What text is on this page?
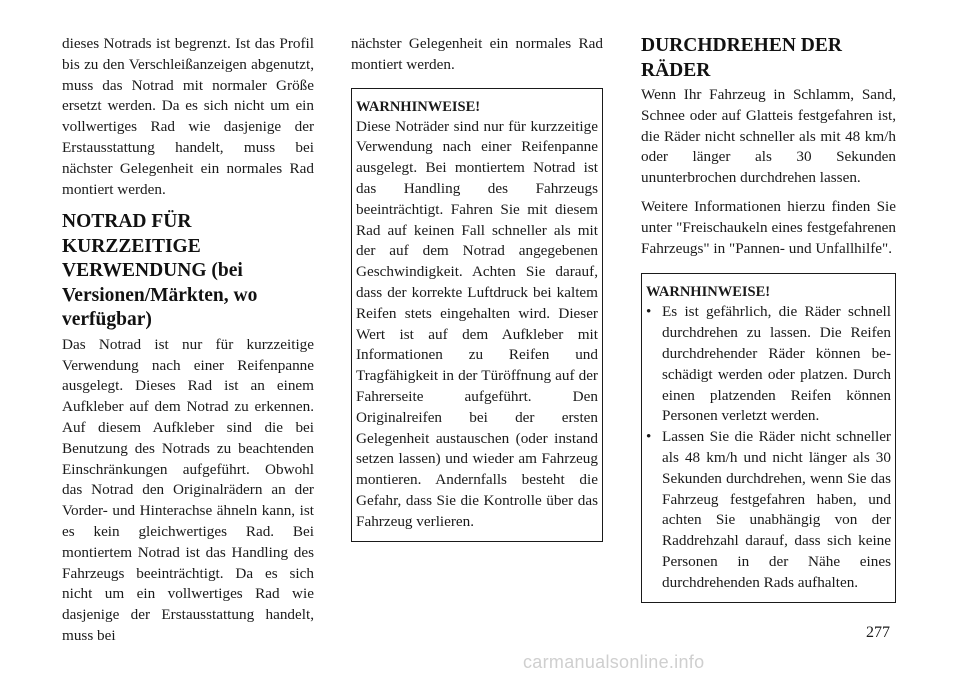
dieses Notrads ist begrenzt. Ist das Profil bis zu den Verschleißanzeigen abgenutzt, muss das Notrad mit normaler Größe ersetzt werden. Da es sich nicht um ein vollwertiges Rad wie dasjenige der Erstausstattung handelt, muss bei nächster Gelegenheit ein normales Rad montiert werden.

NOTRAD FÜR KURZZEITIGE VERWENDUNG (bei Versionen/Märkten, wo verfügbar)

Das Notrad ist nur für kurzzeitige Verwendung nach einer Reifenpanne ausgelegt. Dieses Rad ist an einem Aufkleber auf dem Notrad zu erkennen. Auf diesem Aufkleber sind die bei Benutzung des Notrads zu beachtenden Einschränkungen aufgeführt. Obwohl das Notrad den Originalrädern an der Vorder- und Hinterachse ähneln kann, ist es kein gleichwertiges Rad. Bei montiertem Notrad ist das Handling des Fahrzeugs beeinträchtigt. Da es sich nicht um ein vollwertiges Rad wie dasjenige der Erstausstattung handelt, muss bei

nächster Gelegenheit ein normales Rad montiert werden.

WARNHINWEISE!

Diese Noträder sind nur für kurzzeitige Verwendung nach einer Reifenpanne ausgelegt. Bei montiertem Notrad ist das Handling des Fahrzeugs beeinträchtigt. Fahren Sie mit diesem Rad auf keinen Fall schneller als mit der auf dem Notrad angegebenen Geschwindigkeit. Achten Sie darauf, dass der korrekte Luftdruck bei kaltem Reifen stets eingehalten wird. Dieser Wert ist auf dem Aufkleber mit Informationen zu Reifen und Tragfähigkeit in der Türöffnung auf der Fahrerseite aufgeführt. Den Originalreifen bei der ersten Gelegenheit austauschen (oder instand setzen lassen) und wieder am Fahrzeug montieren. Andernfalls besteht die Gefahr, dass Sie die Kontrolle über das Fahrzeug verlieren.

DURCHDREHEN DER RÄDER

Wenn Ihr Fahrzeug in Schlamm, Sand, Schnee oder auf Glatteis festgefahren ist, die Räder nicht schneller als mit 48 km/h oder länger als 30 Sekunden ununterbrochen durchdrehen lassen.

Weitere Informationen hierzu finden Sie unter "Freischaukeln eines festgefahrenen Fahrzeugs" in "Pannen- und Unfallhilfe".

WARNHINWEISE!
• Es ist gefährlich, die Räder schnell durchdrehen zu lassen. Die Reifen durchdrehender Räder können beschädigt werden oder platzen. Durch einen platzenden Reifen können Personen verletzt werden.
• Lassen Sie die Räder nicht schneller als 48 km/h und nicht länger als 30 Sekunden durchdrehen, wenn Sie das Fahrzeug festgefahren haben, und achten Sie unabhängig von der Raddrehzahl darauf, dass sich keine Personen in der Nähe eines durchdrehenden Rads aufhalten.
277
carmanualsonline.info
